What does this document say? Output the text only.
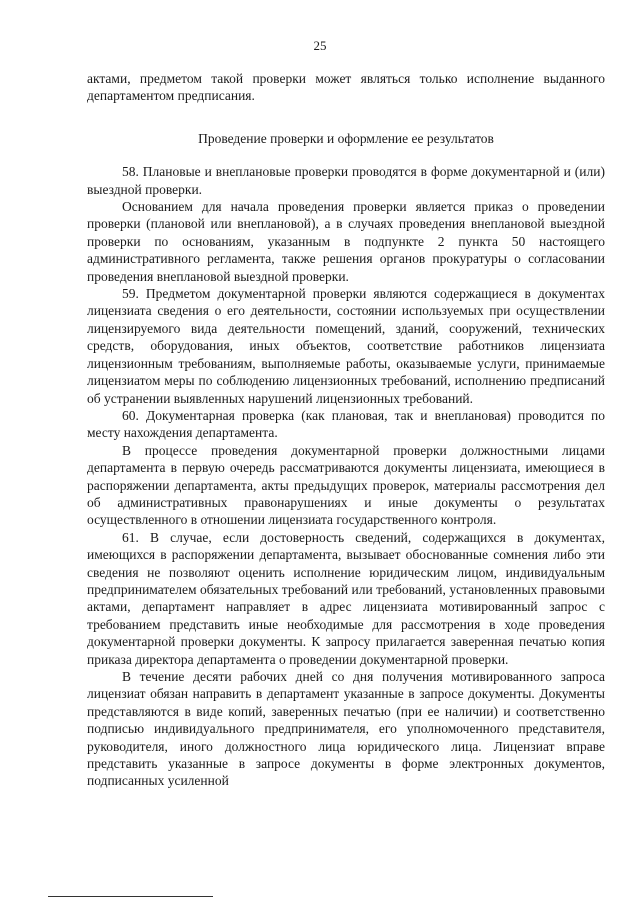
25

актами, предметом такой проверки может являться только исполнение выданного департаментом предписания.

Проведение проверки и оформление ее результатов

58. Плановые и внеплановые проверки проводятся в форме документарной и (или) выездной проверки.

Основанием для начала проведения проверки является приказ о проведении проверки (плановой или внеплановой), а в случаях проведения внеплановой выездной проверки по основаниям, указанным в подпункте 2 пункта 50 настоящего административного регламента, также решения органов прокуратуры о согласовании проведения внеплановой выездной проверки.

59. Предметом документарной проверки являются содержащиеся в документах лицензиата сведения о его деятельности, состоянии используемых при осуществлении лицензируемого вида деятельности помещений, зданий, сооружений, технических средств, оборудования, иных объектов, соответствие работников лицензиата лицензионным требованиям, выполняемые работы, оказываемые услуги, принимаемые лицензиатом меры по соблюдению лицензионных требований, исполнению предписаний об устранении выявленных нарушений лицензионных требований.

60. Документарная проверка (как плановая, так и внеплановая) проводится по месту нахождения департамента.

В процессе проведения документарной проверки должностными лицами департамента в первую очередь рассматриваются документы лицензиата, имеющиеся в распоряжении департамента, акты предыдущих проверок, материалы рассмотрения дел об административных правонарушениях и иные документы о результатах осуществленного в отношении лицензиата государственного контроля.

61. В случае, если достоверность сведений, содержащихся в документах, имеющихся в распоряжении департамента, вызывает обоснованные сомнения либо эти сведения не позволяют оценить исполнение юридическим лицом, индивидуальным предпринимателем обязательных требований или требований, установленных правовыми актами, департамент направляет в адрес лицензиата мотивированный запрос с требованием представить иные необходимые для рассмотрения в ходе проведения документарной проверки документы. К запросу прилагается заверенная печатью копия приказа директора департамента о проведении документарной проверки.

В течение десяти рабочих дней со дня получения мотивированного запроса лицензиат обязан направить в департамент указанные в запросе документы. Документы представляются в виде копий, заверенных печатью (при ее наличии) и соответственно подписью индивидуального предпринимателя, его уполномоченного представителя, руководителя, иного должностного лица юридического лица. Лицензиат вправе представить указанные в запросе документы в форме электронных документов, подписанных усиленной
